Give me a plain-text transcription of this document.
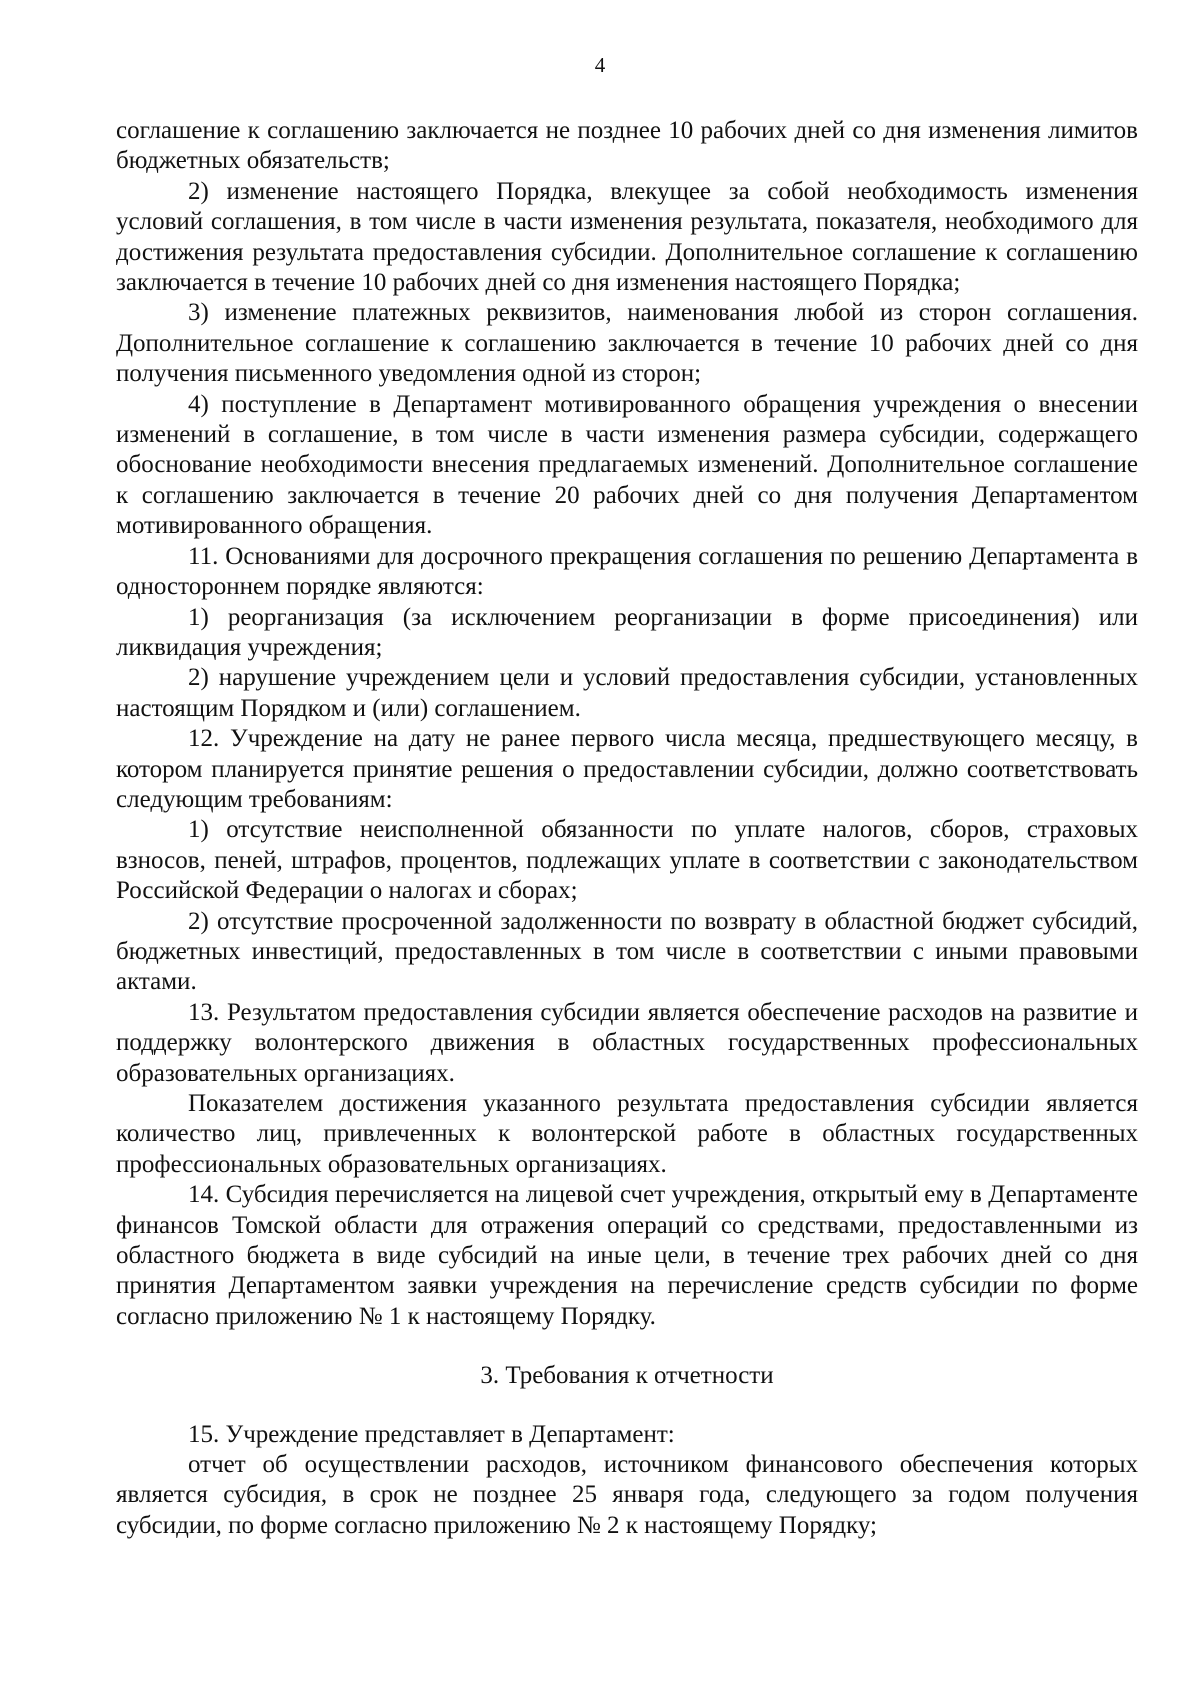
4

соглашение к соглашению заключается не позднее 10 рабочих дней со дня изменения лимитов бюджетных обязательств;

2) изменение настоящего Порядка, влекущее за собой необходимость изменения условий соглашения, в том числе в части изменения результата, показателя, необходимого для достижения результата предоставления субсидии. Дополнительное соглашение к соглашению заключается в течение 10 рабочих дней со дня изменения настоящего Порядка;

3) изменение платежных реквизитов, наименования любой из сторон соглашения. Дополнительное соглашение к соглашению заключается в течение 10 рабочих дней со дня получения письменного уведомления одной из сторон;

4) поступление в Департамент мотивированного обращения учреждения о внесении изменений в соглашение, в том числе в части изменения размера субсидии, содержащего обоснование необходимости внесения предлагаемых изменений. Дополнительное соглашение к соглашению заключается в течение 20 рабочих дней со дня получения Департаментом мотивированного обращения.

11. Основаниями для досрочного прекращения соглашения по решению Департамента в одностороннем порядке являются:

1) реорганизация (за исключением реорганизации в форме присоединения) или ликвидация учреждения;

2) нарушение учреждением цели и условий предоставления субсидии, установленных настоящим Порядком и (или) соглашением.

12. Учреждение на дату не ранее первого числа месяца, предшествующего месяцу, в котором планируется принятие решения о предоставлении субсидии, должно соответствовать следующим требованиям:

1) отсутствие неисполненной обязанности по уплате налогов, сборов, страховых взносов, пеней, штрафов, процентов, подлежащих уплате в соответствии с законодательством Российской Федерации о налогах и сборах;

2) отсутствие просроченной задолженности по возврату в областной бюджет субсидий, бюджетных инвестиций, предоставленных в том числе в соответствии с иными правовыми актами.

13. Результатом предоставления субсидии является обеспечение расходов на развитие и поддержку волонтерского движения в областных государственных профессиональных образовательных организациях.

Показателем достижения указанного результата предоставления субсидии является количество лиц, привлеченных к волонтерской работе в областных государственных профессиональных образовательных организациях.

14. Субсидия перечисляется на лицевой счет учреждения, открытый ему в Департаменте финансов Томской области для отражения операций со средствами, предоставленными из областного бюджета в виде субсидий на иные цели, в течение трех рабочих дней со дня принятия Департаментом заявки учреждения на перечисление средств субсидии по форме согласно приложению № 1 к настоящему Порядку.

3. Требования к отчетности

15. Учреждение представляет в Департамент:

отчет об осуществлении расходов, источником финансового обеспечения которых является субсидия, в срок не позднее 25 января года, следующего за годом получения субсидии, по форме согласно приложению № 2 к настоящему Порядку;
